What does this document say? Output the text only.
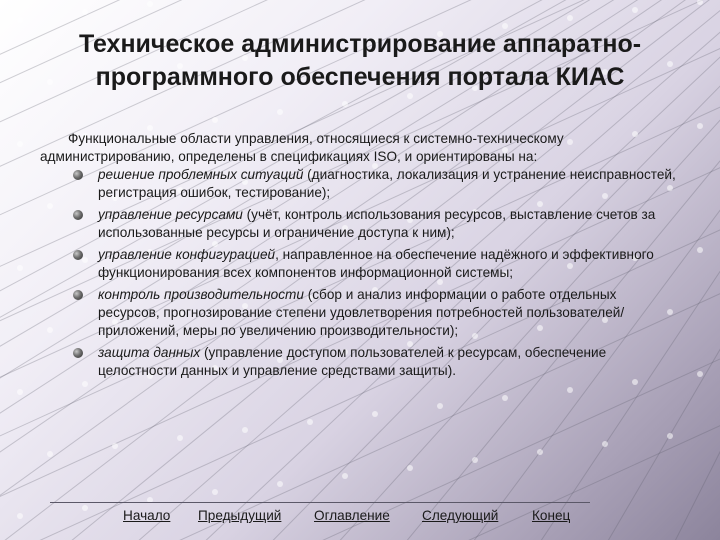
Техническое администрирование аппаратно-
программного обеспечения портала КИАС

Функциональные области управления, относящиеся к системно-техническому администрированию, определены в спецификациях ISO, и ориентированы на:

решение проблемных ситуаций (диагностика, локализация и устранение неисправностей, регистрация ошибок, тестирование);
управление ресурсами (учёт, контроль использования ресурсов, выставление счетов за использованные ресурсы и ограничение доступа к ним);
управление конфигурацией, направленное на обеспечение надёжного и эффективного функционирования всех компонентов информационной системы;
контроль производительности (сбор и анализ информации о работе отдельных ресурсов, прогнозирование степени удовлетворения потребностей пользователей/приложений, меры по увеличению производительности);
защита данных (управление доступом пользователей к ресурсам, обеспечение целостности данных и управление средствами защиты).
Начало Предыдущий Оглавление Следующий Конец
